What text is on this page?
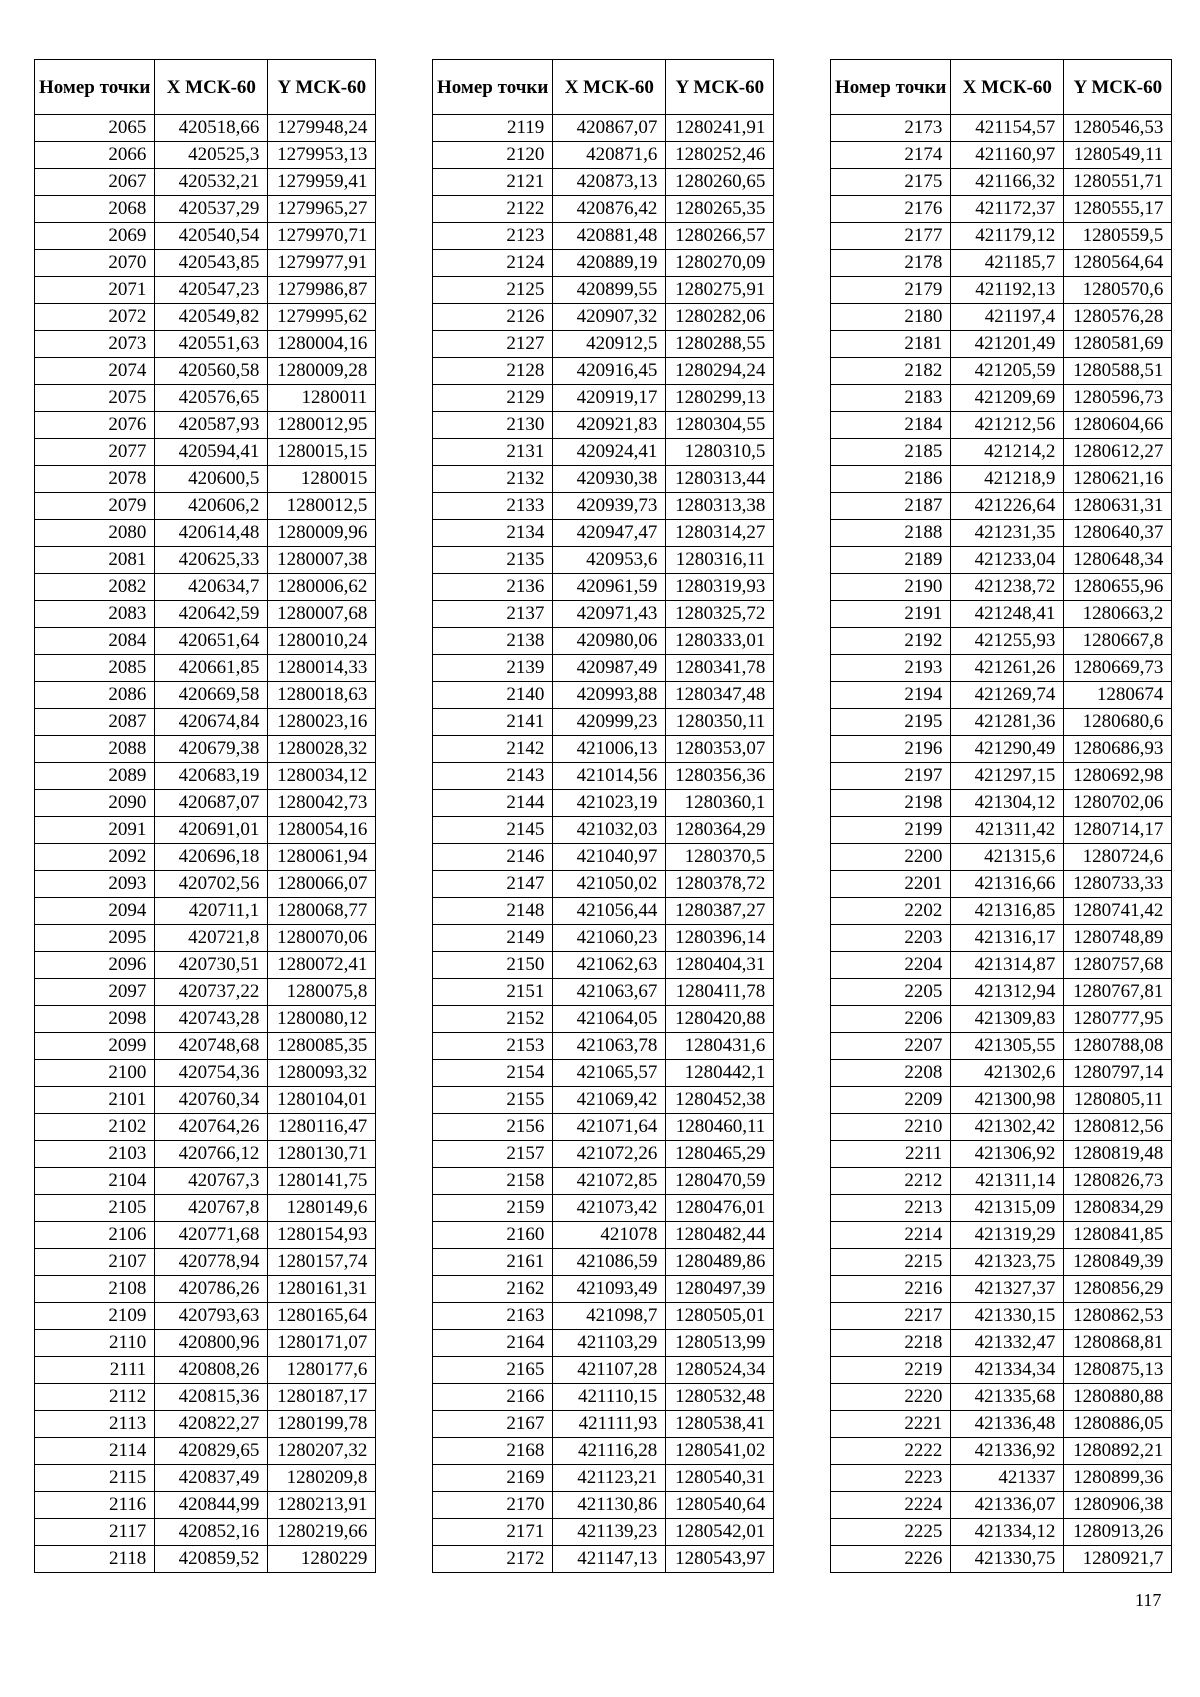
Номер точки	X МСК-60	Y МСК-60
2065	420518,66	1279948,24
2066	420525,3	1279953,13
2067	420532,21	1279959,41
2068	420537,29	1279965,27
2069	420540,54	1279970,71
2070	420543,85	1279977,91
2071	420547,23	1279986,87
2072	420549,82	1279995,62
2073	420551,63	1280004,16
2074	420560,58	1280009,28
2075	420576,65	1280011
2076	420587,93	1280012,95
2077	420594,41	1280015,15
2078	420600,5	1280015
2079	420606,2	1280012,5
2080	420614,48	1280009,96
2081	420625,33	1280007,38
2082	420634,7	1280006,62
2083	420642,59	1280007,68
2084	420651,64	1280010,24
2085	420661,85	1280014,33
2086	420669,58	1280018,63
2087	420674,84	1280023,16
2088	420679,38	1280028,32
2089	420683,19	1280034,12
2090	420687,07	1280042,73
2091	420691,01	1280054,16
2092	420696,18	1280061,94
2093	420702,56	1280066,07
2094	420711,1	1280068,77
2095	420721,8	1280070,06
2096	420730,51	1280072,41
2097	420737,22	1280075,8
2098	420743,28	1280080,12
2099	420748,68	1280085,35
2100	420754,36	1280093,32
2101	420760,34	1280104,01
2102	420764,26	1280116,47
2103	420766,12	1280130,71
2104	420767,3	1280141,75
2105	420767,8	1280149,6
2106	420771,68	1280154,93
2107	420778,94	1280157,74
2108	420786,26	1280161,31
2109	420793,63	1280165,64
2110	420800,96	1280171,07
2111	420808,26	1280177,6
2112	420815,36	1280187,17
2113	420822,27	1280199,78
2114	420829,65	1280207,32
2115	420837,49	1280209,8
2116	420844,99	1280213,91
2117	420852,16	1280219,66
2118	420859,52	1280229
Номер точки	X МСК-60	Y МСК-60
2119	420867,07	1280241,91
2120	420871,6	1280252,46
2121	420873,13	1280260,65
2122	420876,42	1280265,35
2123	420881,48	1280266,57
2124	420889,19	1280270,09
2125	420899,55	1280275,91
2126	420907,32	1280282,06
2127	420912,5	1280288,55
2128	420916,45	1280294,24
2129	420919,17	1280299,13
2130	420921,83	1280304,55
2131	420924,41	1280310,5
2132	420930,38	1280313,44
2133	420939,73	1280313,38
2134	420947,47	1280314,27
2135	420953,6	1280316,11
2136	420961,59	1280319,93
2137	420971,43	1280325,72
2138	420980,06	1280333,01
2139	420987,49	1280341,78
2140	420993,88	1280347,48
2141	420999,23	1280350,11
2142	421006,13	1280353,07
2143	421014,56	1280356,36
2144	421023,19	1280360,1
2145	421032,03	1280364,29
2146	421040,97	1280370,5
2147	421050,02	1280378,72
2148	421056,44	1280387,27
2149	421060,23	1280396,14
2150	421062,63	1280404,31
2151	421063,67	1280411,78
2152	421064,05	1280420,88
2153	421063,78	1280431,6
2154	421065,57	1280442,1
2155	421069,42	1280452,38
2156	421071,64	1280460,11
2157	421072,26	1280465,29
2158	421072,85	1280470,59
2159	421073,42	1280476,01
2160	421078	1280482,44
2161	421086,59	1280489,86
2162	421093,49	1280497,39
2163	421098,7	1280505,01
2164	421103,29	1280513,99
2165	421107,28	1280524,34
2166	421110,15	1280532,48
2167	421111,93	1280538,41
2168	421116,28	1280541,02
2169	421123,21	1280540,31
2170	421130,86	1280540,64
2171	421139,23	1280542,01
2172	421147,13	1280543,97
Номер точки	X МСК-60	Y МСК-60
2173	421154,57	1280546,53
2174	421160,97	1280549,11
2175	421166,32	1280551,71
2176	421172,37	1280555,17
2177	421179,12	1280559,5
2178	421185,7	1280564,64
2179	421192,13	1280570,6
2180	421197,4	1280576,28
2181	421201,49	1280581,69
2182	421205,59	1280588,51
2183	421209,69	1280596,73
2184	421212,56	1280604,66
2185	421214,2	1280612,27
2186	421218,9	1280621,16
2187	421226,64	1280631,31
2188	421231,35	1280640,37
2189	421233,04	1280648,34
2190	421238,72	1280655,96
2191	421248,41	1280663,2
2192	421255,93	1280667,8
2193	421261,26	1280669,73
2194	421269,74	1280674
2195	421281,36	1280680,6
2196	421290,49	1280686,93
2197	421297,15	1280692,98
2198	421304,12	1280702,06
2199	421311,42	1280714,17
2200	421315,6	1280724,6
2201	421316,66	1280733,33
2202	421316,85	1280741,42
2203	421316,17	1280748,89
2204	421314,87	1280757,68
2205	421312,94	1280767,81
2206	421309,83	1280777,95
2207	421305,55	1280788,08
2208	421302,6	1280797,14
2209	421300,98	1280805,11
2210	421302,42	1280812,56
2211	421306,92	1280819,48
2212	421311,14	1280826,73
2213	421315,09	1280834,29
2214	421319,29	1280841,85
2215	421323,75	1280849,39
2216	421327,37	1280856,29
2217	421330,15	1280862,53
2218	421332,47	1280868,81
2219	421334,34	1280875,13
2220	421335,68	1280880,88
2221	421336,48	1280886,05
2222	421336,92	1280892,21
2223	421337	1280899,36
2224	421336,07	1280906,38
2225	421334,12	1280913,26
2226	421330,75	1280921,7
117
